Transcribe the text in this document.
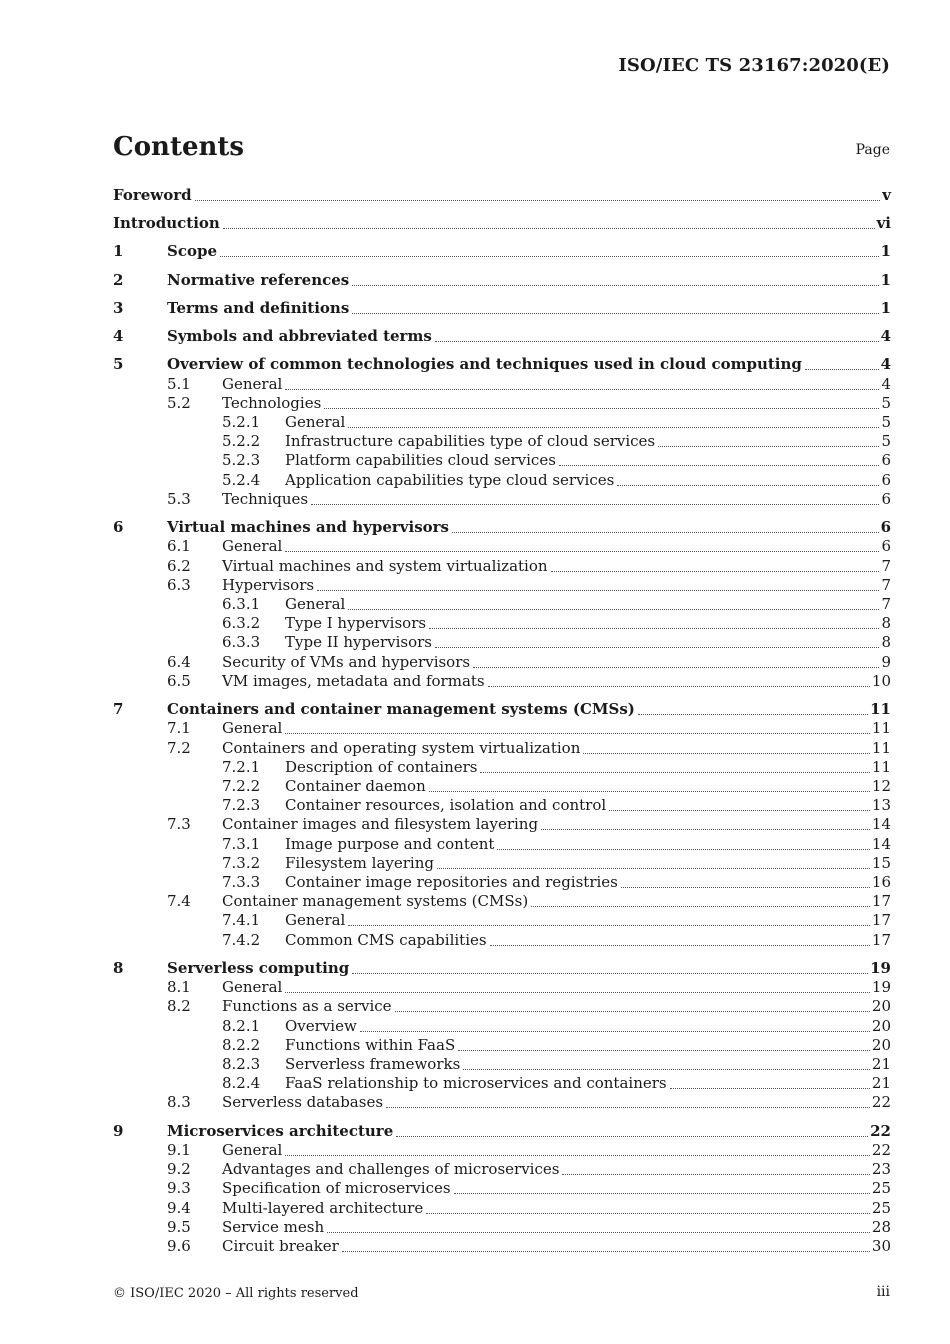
ISO/IEC TS 23167:2020(E)
Contents	Page
Foreword	v
Introduction	vi
1	Scope	1
2	Normative references	1
3	Terms and definitions	1
4	Symbols and abbreviated terms	4
5	Overview of common technologies and techniques used in cloud computing	4
5.1	General	4
5.2	Technologies	5
5.2.1	General	5
5.2.2	Infrastructure capabilities type of cloud services	5
5.2.3	Platform capabilities cloud services	6
5.2.4	Application capabilities type cloud services	6
5.3	Techniques	6
6	Virtual machines and hypervisors	6
6.1	General	6
6.2	Virtual machines and system virtualization	7
6.3	Hypervisors	7
6.3.1	General	7
6.3.2	Type I hypervisors	8
6.3.3	Type II hypervisors	8
6.4	Security of VMs and hypervisors	9
6.5	VM images, metadata and formats	10
7	Containers and container management systems (CMSs)	11
7.1	General	11
7.2	Containers and operating system virtualization	11
7.2.1	Description of containers	11
7.2.2	Container daemon	12
7.2.3	Container resources, isolation and control	13
7.3	Container images and filesystem layering	14
7.3.1	Image purpose and content	14
7.3.2	Filesystem layering	15
7.3.3	Container image repositories and registries	16
7.4	Container management systems (CMSs)	17
7.4.1	General	17
7.4.2	Common CMS capabilities	17
8	Serverless computing	19
8.1	General	19
8.2	Functions as a service	20
8.2.1	Overview	20
8.2.2	Functions within FaaS	20
8.2.3	Serverless frameworks	21
8.2.4	FaaS relationship to microservices and containers	21
8.3	Serverless databases	22
9	Microservices architecture	22
9.1	General	22
9.2	Advantages and challenges of microservices	23
9.3	Specification of microservices	25
9.4	Multi-layered architecture	25
9.5	Service mesh	28
9.6	Circuit breaker	30
© ISO/IEC 2020 – All rights reserved	iii
